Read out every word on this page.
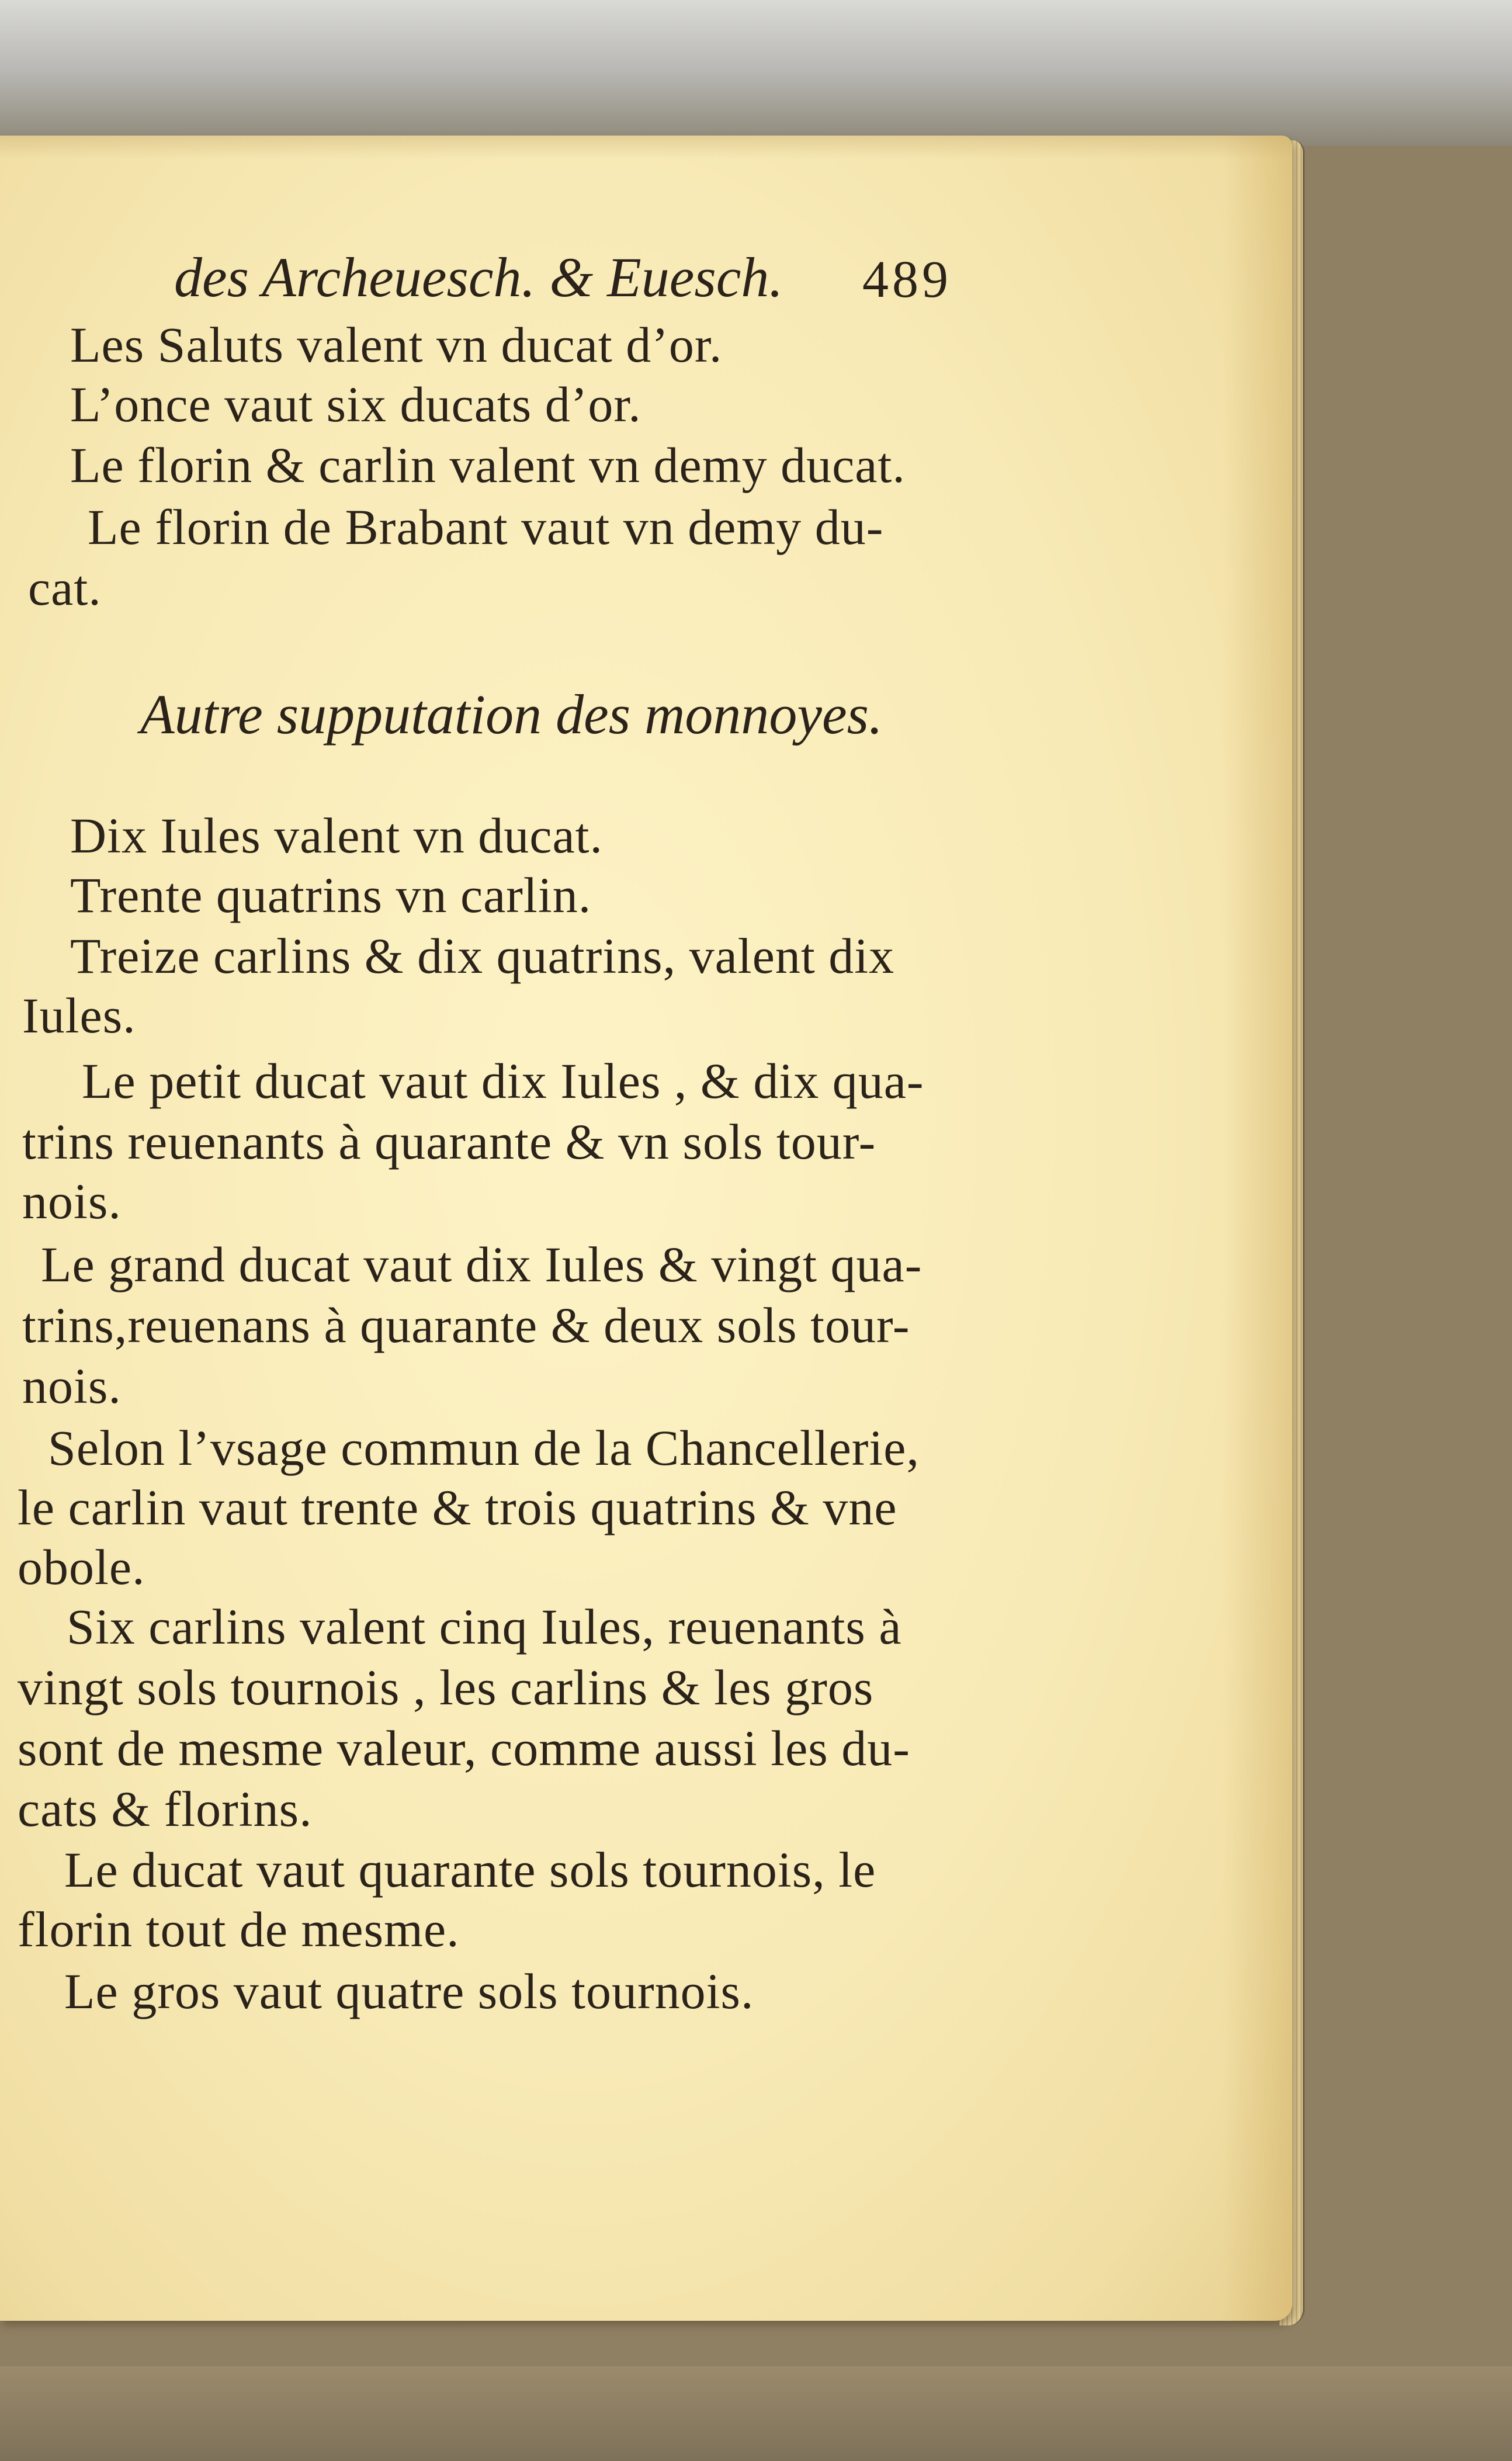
des Archeuesch. & Euesch. 489
Les Saluts valent vn ducat d’or.
L’once vaut six ducats d’or.
Le florin & carlin valent vn demy ducat.
Le florin de Brabant vaut vn demy du-
cat.
Autre supputation des monnoyes.
Dix Iules valent vn ducat.
Trente quatrins vn carlin.
Treize carlins & dix quatrins, valent dix
Iules.
Le petit ducat vaut dix Iules , & dix qua-
trins reuenants à quarante & vn sols tour-
nois.
Le grand ducat vaut dix Iules & vingt qua-
trins,reuenans à quarante & deux sols tour-
nois.
Selon l’vsage commun de la Chancellerie,
le carlin vaut trente & trois quatrins & vne
obole.
Six carlins valent cinq Iules, reuenants à
vingt sols tournois , les carlins & les gros
sont de mesme valeur, comme aussi les du-
cats & florins.
Le ducat vaut quarante sols tournois, le
florin tout de mesme.
Le gros vaut quatre sols tournois.
